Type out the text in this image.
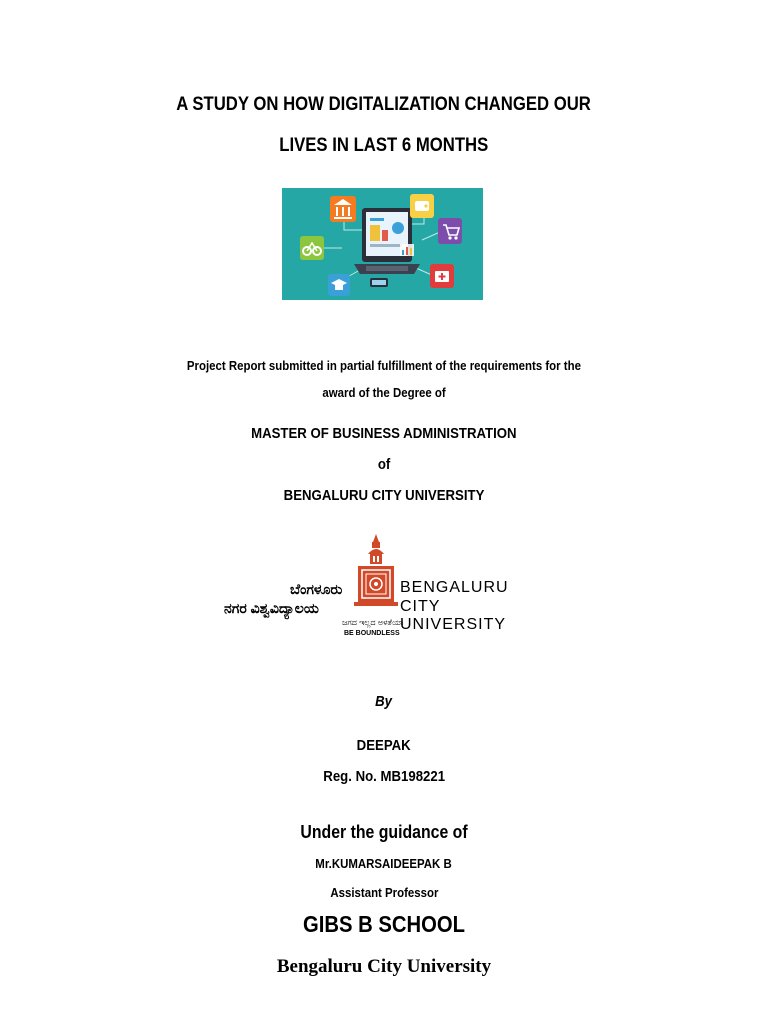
A STUDY ON HOW DIGITALIZATION CHANGED OUR
LIVES IN LAST 6 MONTHS
Project Report submitted in partial fulfillment of the requirements for the
award of the Degree of
MASTER OF BUSINESS ADMINISTRATION
of
BENGALURU CITY UNIVERSITY
ಬೆಂಗಳೂರು
ನಗರ ವಿಶ್ವವಿದ್ಯಾಲಯ
BENGALURU
CITY UNIVERSITY
ಜಗದ ಇಲ್ಲದ ಅಳತೆಯಾ
BE BOUNDLESS
By
DEEPAK
Reg. No. MB198221
Under the guidance of
Mr.KUMARSAIDEEPAK B
Assistant Professor
GIBS B SCHOOL
Bengaluru City University
